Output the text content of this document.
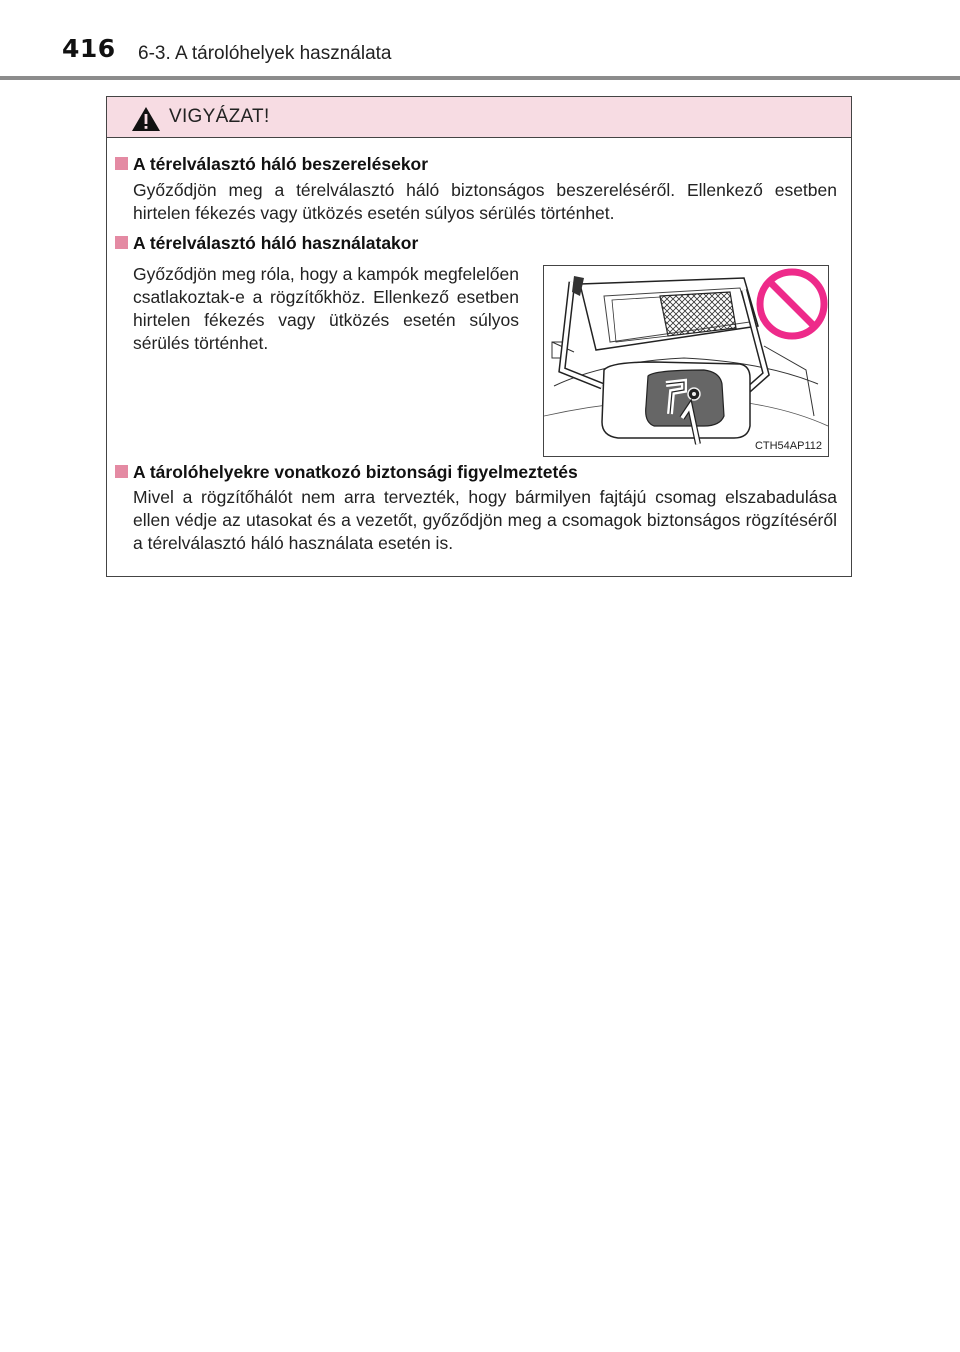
416 6-3. A tárolóhelyek használata
VIGYÁZAT!
A térelválasztó háló beszerelésekor

Győződjön meg a térelválasztó háló biztonságos beszereléséről. Ellenkező esetben hirtelen fékezés vagy ütközés esetén súlyos sérülés történhet.

A térelválasztó háló használatakor

Győződjön meg róla, hogy a kampók megfelelően csatlakoztak-e a rögzítőkhöz. Ellenkező esetben hirtelen fékezés vagy ütközés esetén súlyos sérülés történhet.

CTH54AP112
A tárolóhelyekre vonatkozó biztonsági figyelmeztetés

Mivel a rögzítőhálót nem arra tervezték, hogy bármilyen fajtájú csomag elszabadulása ellen védje az utasokat és a vezetőt, győződjön meg a csomagok biztonságos rögzítéséről a térelválasztó háló használata esetén is.
